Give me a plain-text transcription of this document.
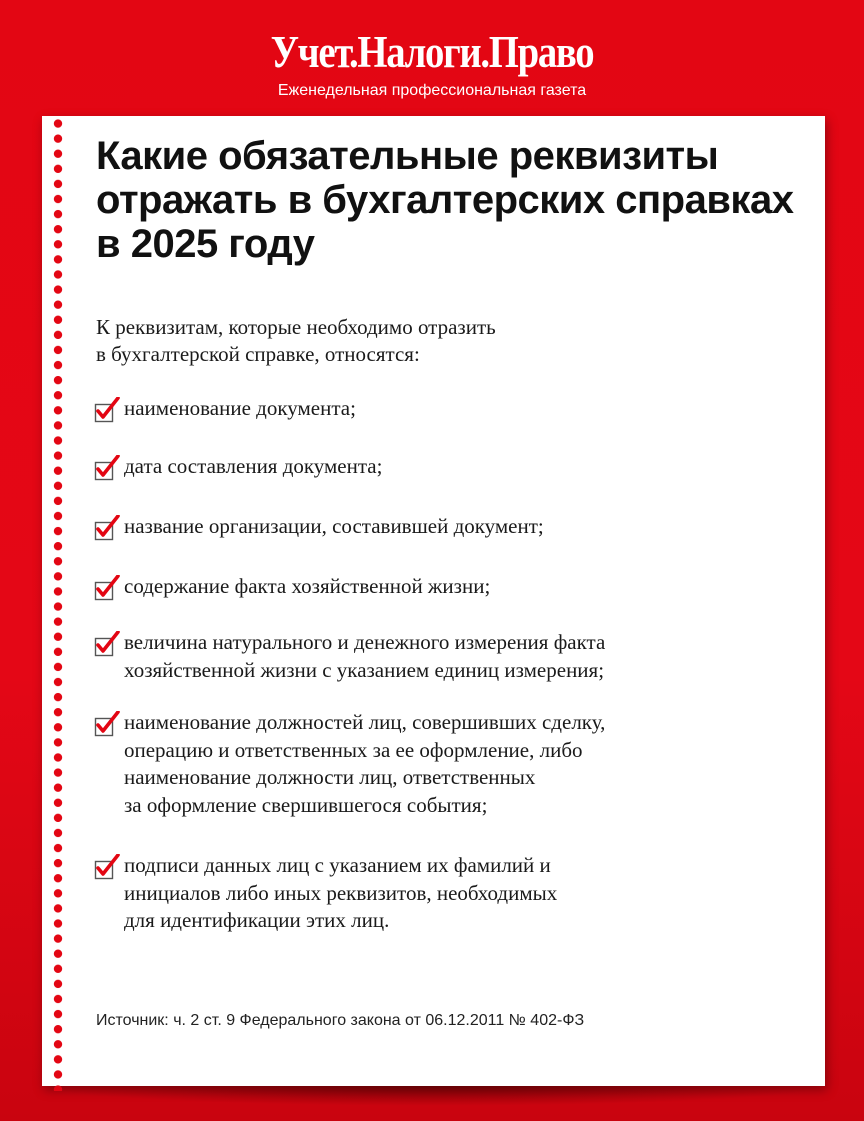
Учет.Налоги.Право
Еженедельная профессиональная газета
Какие обязательные реквизиты отражать в бухгалтерских справках в 2025 году

К реквизитам, которые необходимо отразить
в бухгалтерской справке, относятся:

наименование документа;
дата составления документа;
название организации, составившей документ;
содержание факта хозяйственной жизни;
величина натурального и денежного измерения факта
хозяйственной жизни с указанием единиц измерения;
наименование должностей лиц, совершивших сделку,
операцию и ответственных за ее оформление, либо
наименование должности лиц, ответственных
за оформление свершившегося события;
подписи данных лиц с указанием их фамилий и
инициалов либо иных реквизитов, необходимых
для идентификации этих лиц.

Источник: ч. 2 ст. 9 Федерального закона от 06.12.2011 № 402-ФЗ
